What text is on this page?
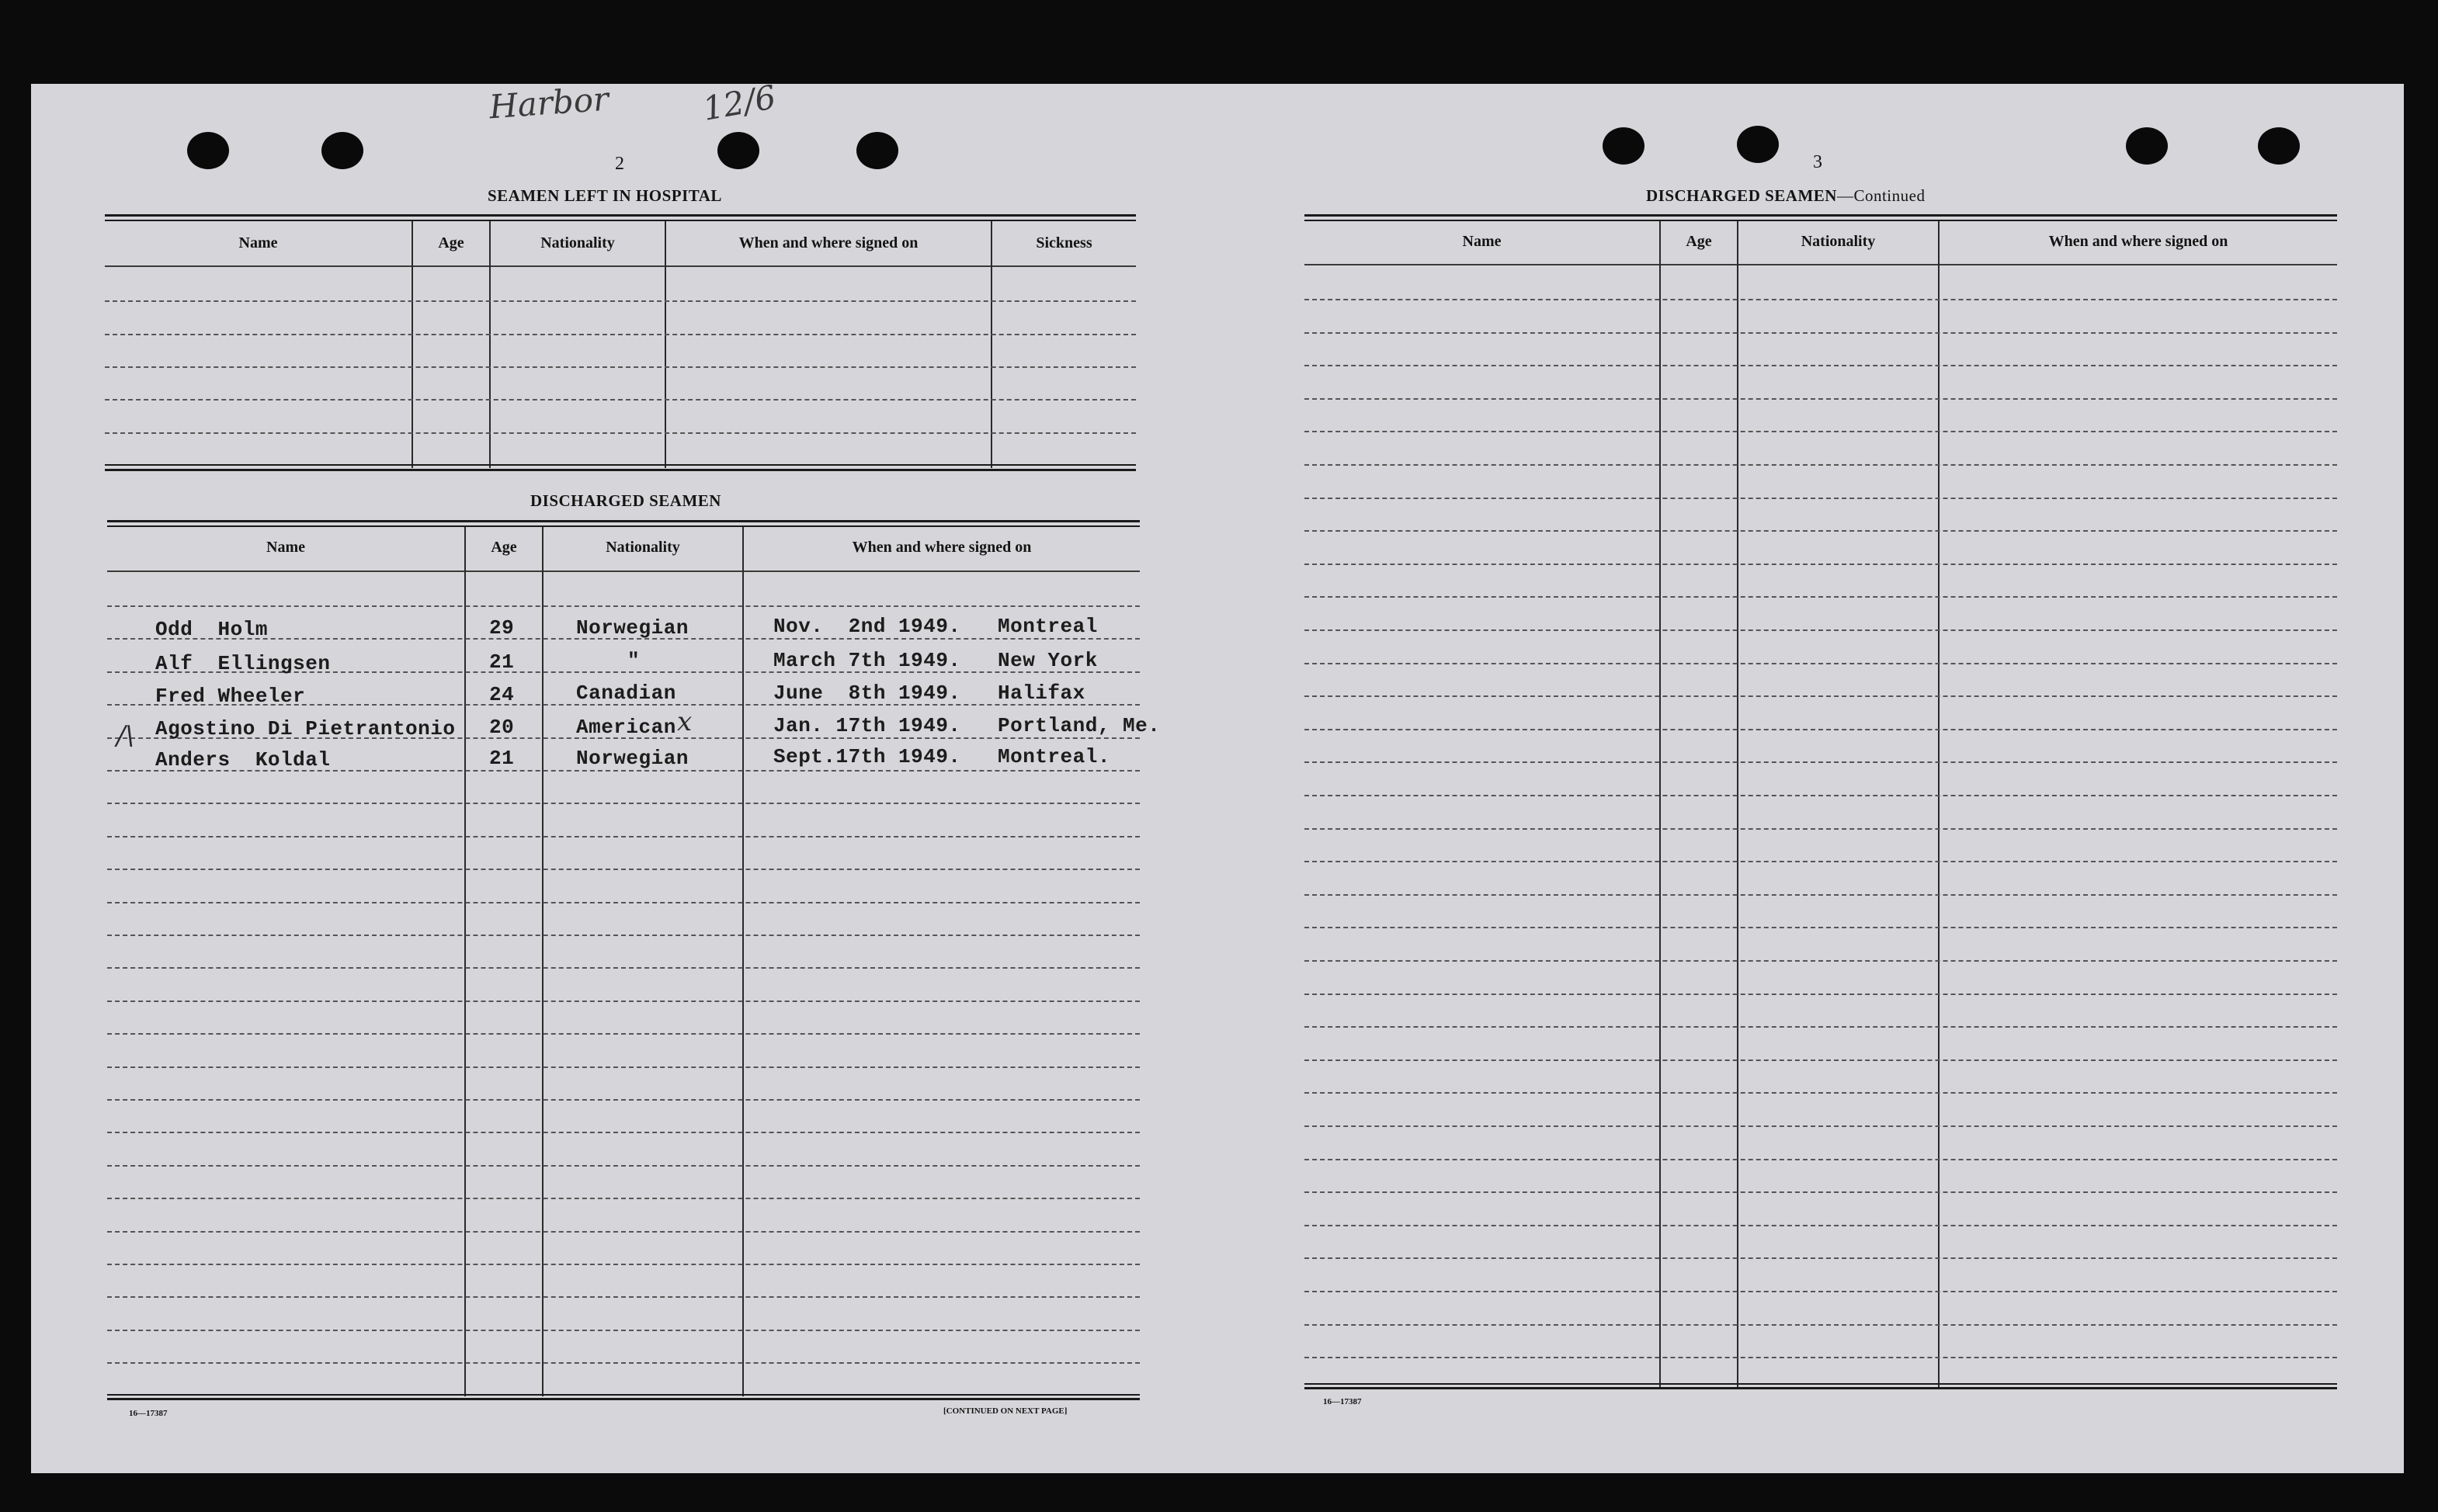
Harbor	12/6
2
SEAMEN LEFT IN HOSPITAL
Name	Age	Nationality	When and where signed on	Sickness
DISCHARGED SEAMEN
Name	Age	Nationality	When and where signed on
Odd  Holm	29	Norwegian	Nov.  2nd 1949. Montreal
Alf  Ellingsen	21	"	March 7th 1949. New York
Fred Wheeler	24	Canadian	June  8th 1949. Halifax
Agostino Di Pietrantonio 20	American	Jan. 17th 1949. Portland, Me.
Anders  Koldal	21	Norwegian	Sept.17th 1949. Montreal.
/\	x
16—17387	[CONTINUED ON NEXT PAGE]
3
DISCHARGED SEAMEN—Continued
Name	Age	Nationality	When and where signed on
16—17387
